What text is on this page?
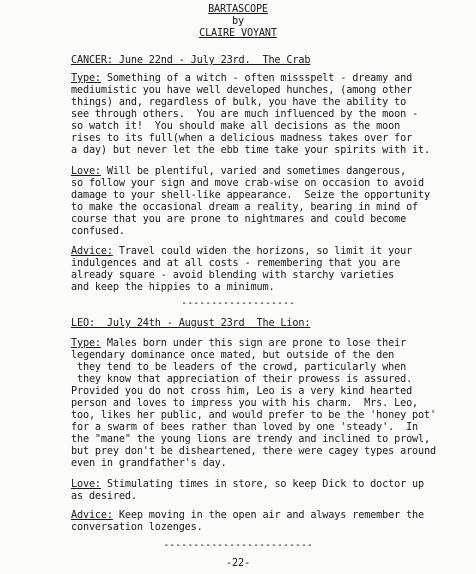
BARTASCOPE
by
CLAIRE VOYANT
CANCER: June 22nd - July 23rd.  The Crab
Type: Something of a witch - often missspelt - dreamy and
mediumistic you have well developed hunches, (among other
things) and, regardless of bulk, you have the ability to
see through others.  You are much influenced by the moon -
so watch it!  You should make all decisions as the moon
rises to its full(when a delicious madness takes over for
a day) but never let the ebb time take your spirits with it.
Love: Will be plentiful, varied and sometimes dangerous,
so follow your sign and move crab-wise on occasion to avoid
damage to your shell-like appearance.  Seize the opportunity
to make the occasional dream a reality, bearing in mind of
course that you are prone to nightmares and could become
confused.
Advice: Travel could widen the horizons, so limit it your
indulgences and at all costs - remembering that you are
already square - avoid blending with starchy varieties
and keep the hippies to a minimum.
-------------------
LEO:  July 24th - August 23rd  The Lion:
Type: Males born under this sign are prone to lose their
legendary dominance once mated, but outside of the den
they tend to be leaders of the crowd, particularly when
they know that appreciation of their prowess is assured.
Provided you do not cross him, Leo is a very kind hearted
person and loves to impress you with his charm.  Mrs. Leo,
too, likes her public, and would prefer to be the 'honey pot'
for a swarm of bees rather than loved by one 'steady'.  In
the "mane" the young lions are trendy and inclined to prowl,
but prey don't be disheartened, there were cagey types around
even in grandfather's day.
Love: Stimulating times in store, so keep Dick to doctor up
as desired.
Advice: Keep moving in the open air and always remember the
conversation lozenges.
-------------------------
-22-
